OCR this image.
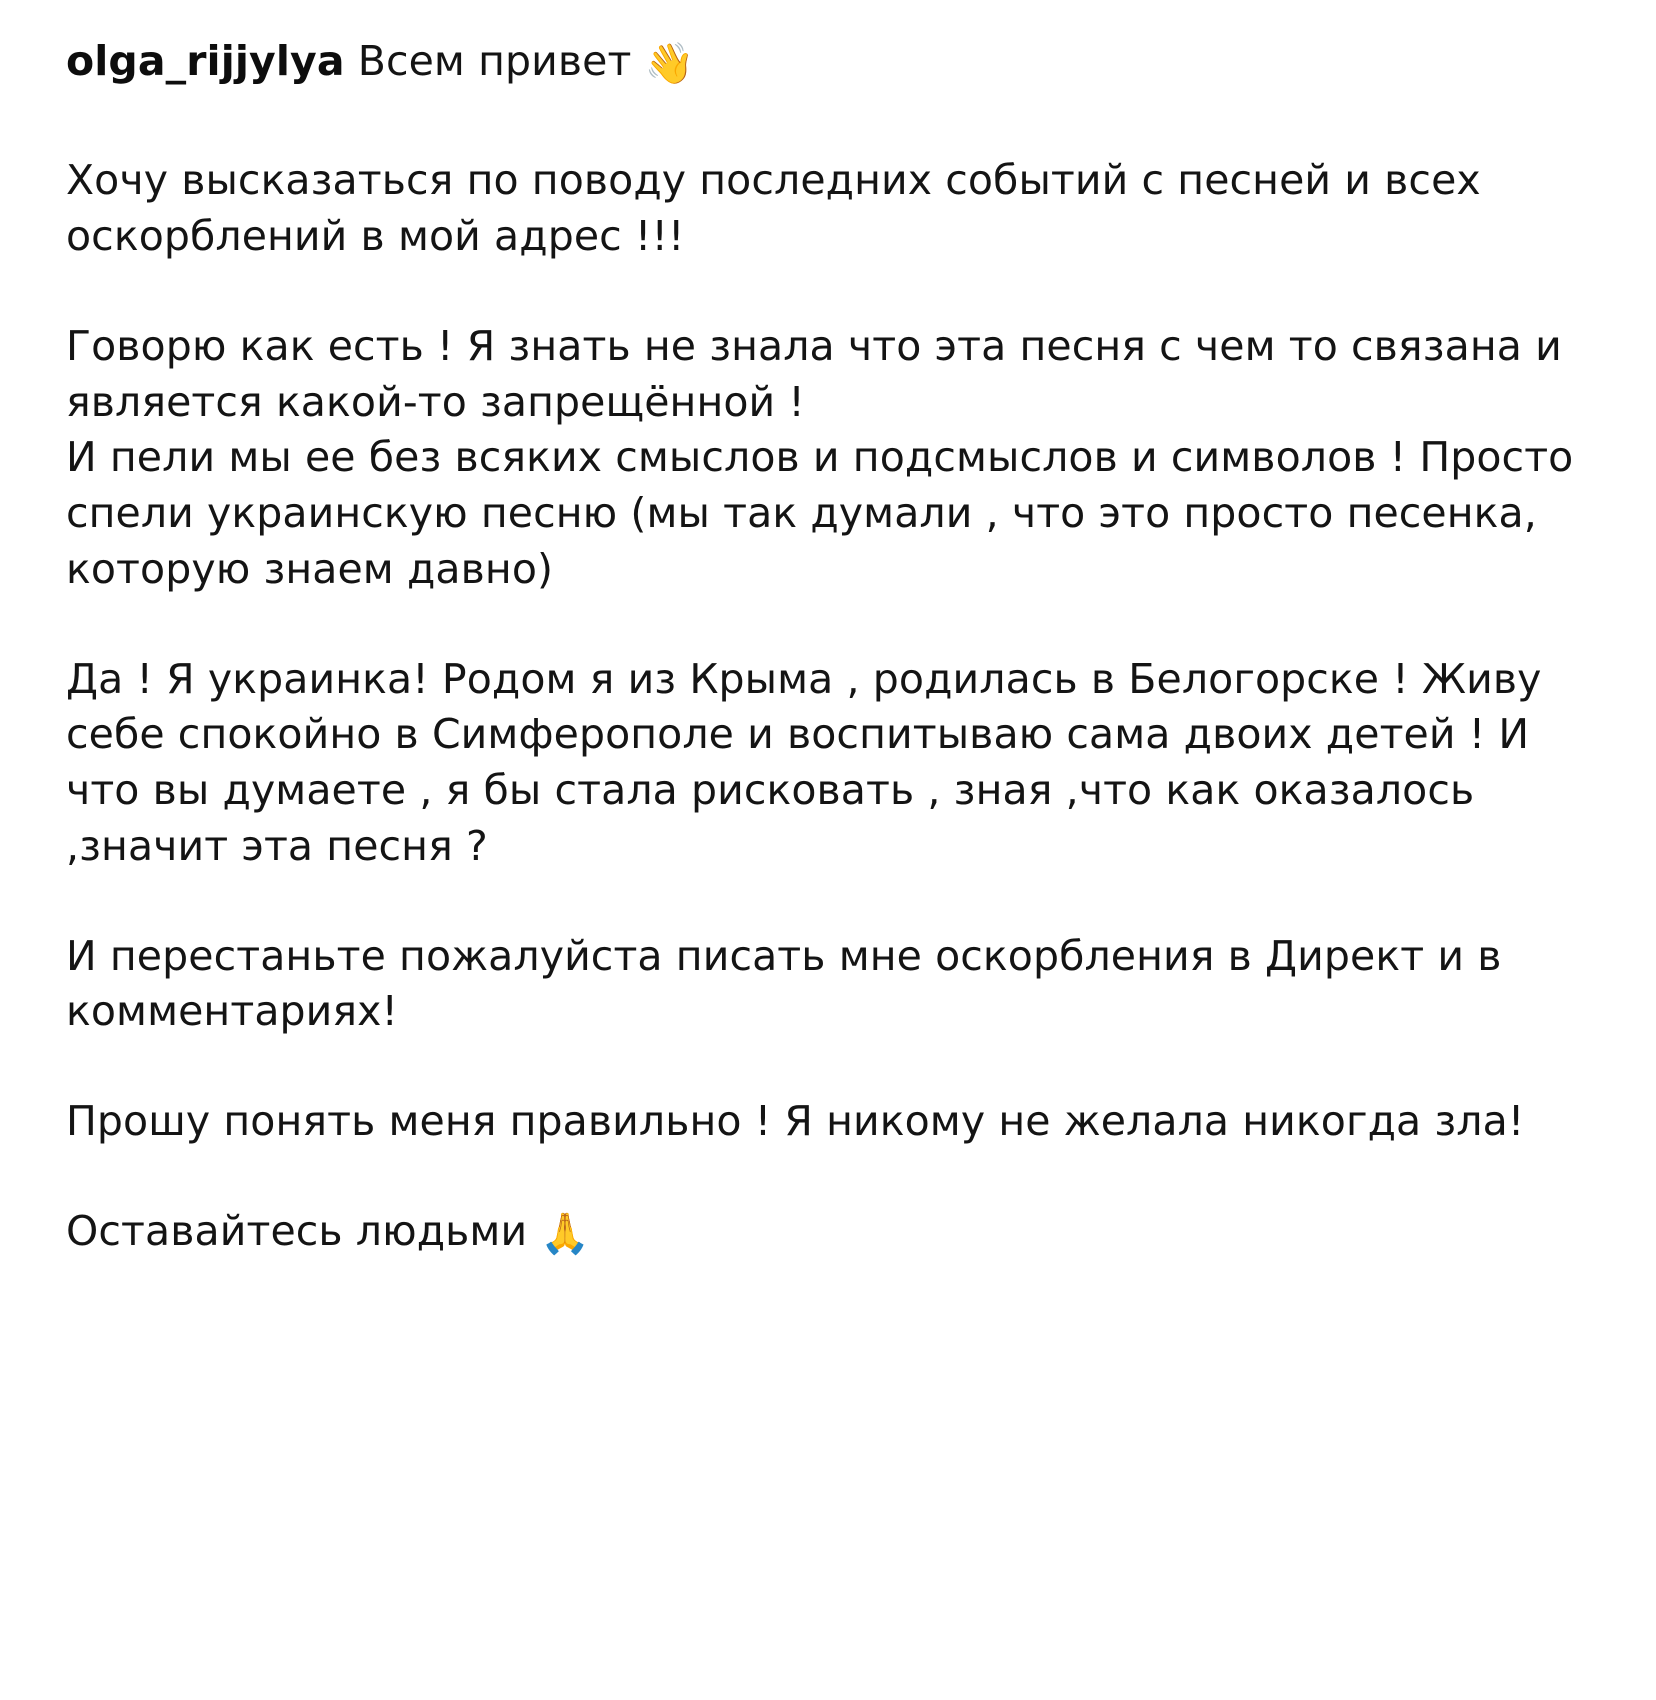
olga_rijjylya Всем привет 👋

Хочу высказаться по поводу последних событий с песней и всех оскорблений в мой адрес !!!

Говорю как есть ! Я знать не знала что эта песня с чем то связана и является какой-то запрещённой !

И пели мы ее без всяких смыслов и подсмыслов и символов ! Просто спели украинскую песню (мы так думали , что это просто песенка, которую знаем давно)

Да ! Я украинка! Родом я из Крыма , родилась в Белогорске ! Живу себе спокойно в Симферополе и воспитываю сама двоих детей ! И что вы думаете , я бы стала рисковать , зная ,что как оказалось ,значит эта песня ?

И перестаньте пожалуйста писать мне оскорбления в Директ и в комментариях!

Прошу понять меня правильно ! Я никому не желала никогда зла!

Оставайтесь людьми 🙏
